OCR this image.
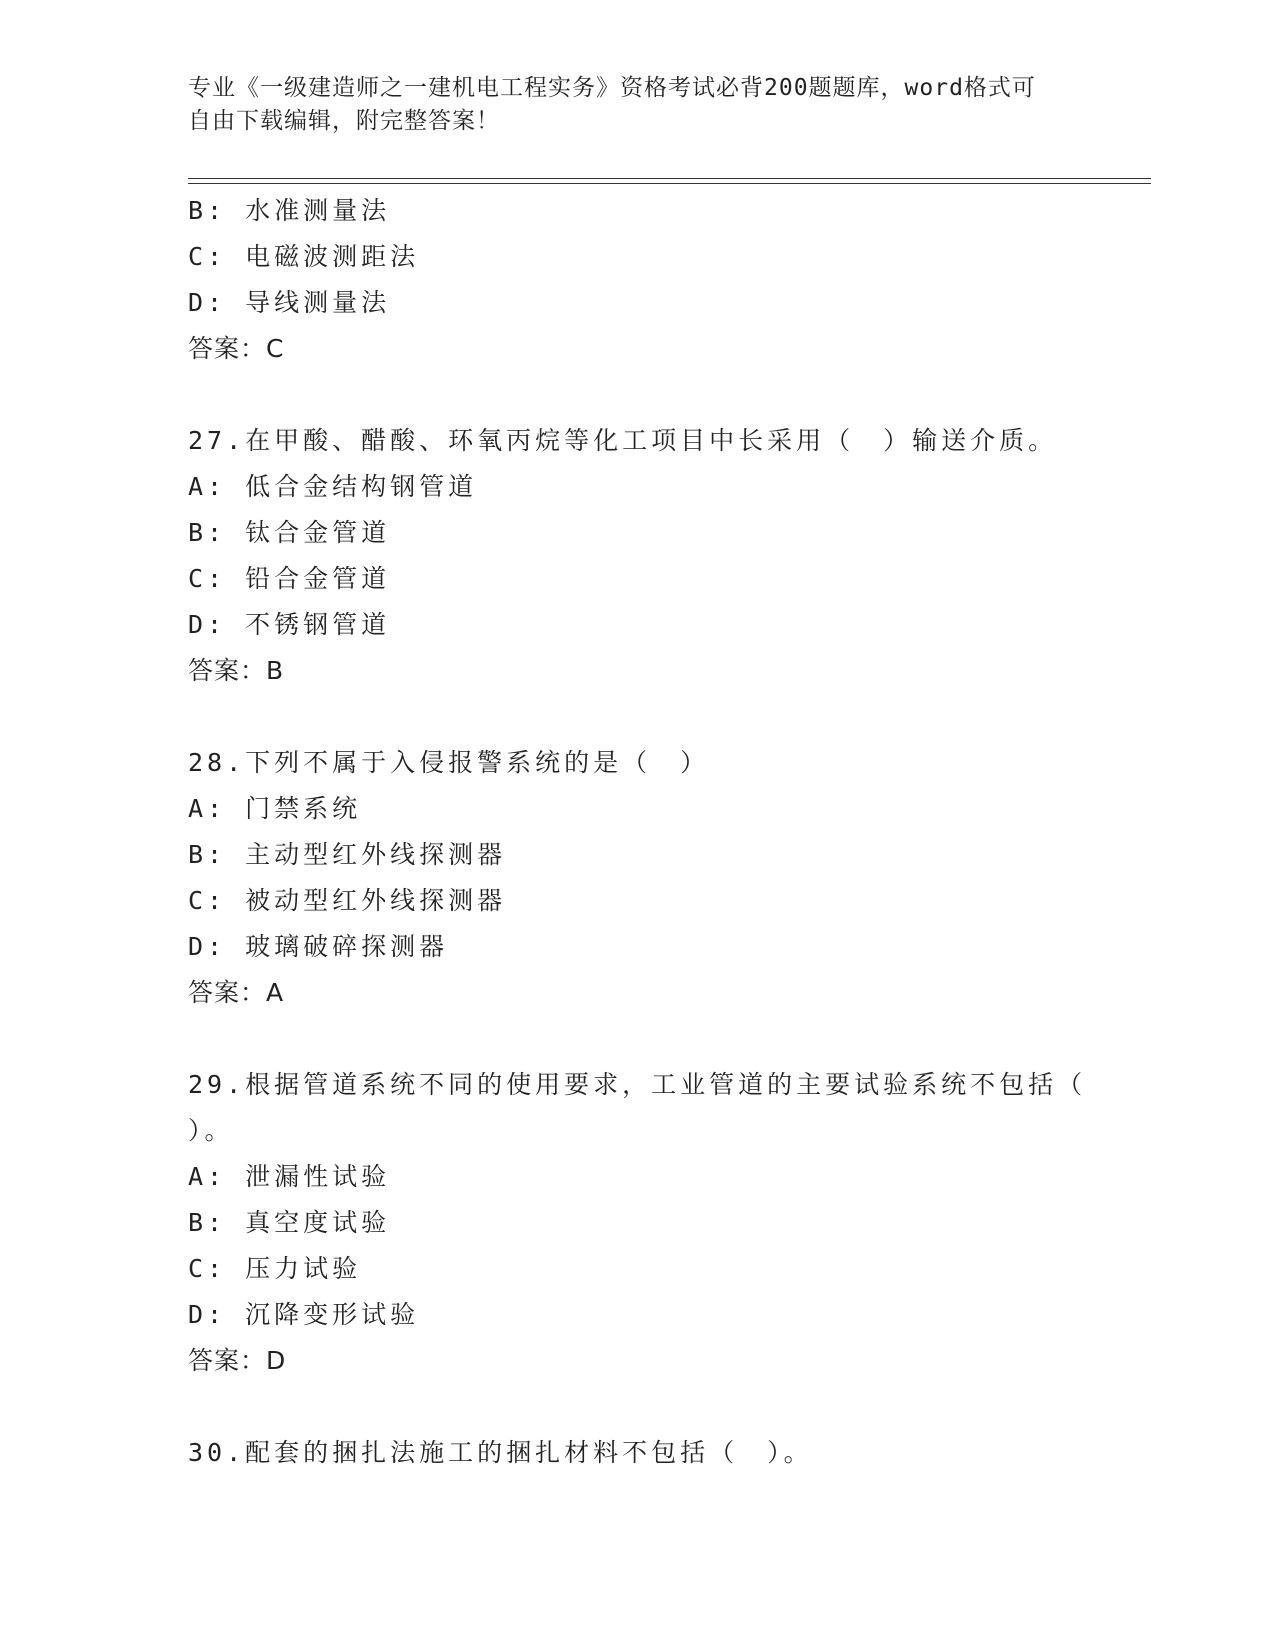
专业《一级建造师之一建机电工程实务》资格考试必背200题题库，word格式可
自由下载编辑，附完整答案！
B: 水准测量法
C: 电磁波测距法
D: 导线测量法
答案：C
27.在甲酸、醋酸、环氧丙烷等化工项目中长采用（　）输送介质。
A: 低合金结构钢管道
B: 钛合金管道
C: 铅合金管道
D: 不锈钢管道
答案：B
28.下列不属于入侵报警系统的是（　）
A: 门禁系统
B: 主动型红外线探测器
C: 被动型红外线探测器
D: 玻璃破碎探测器
答案：A
29.根据管道系统不同的使用要求，工业管道的主要试验系统不包括（
）。
A: 泄漏性试验
B: 真空度试验
C: 压力试验
D: 沉降变形试验
答案：D
30.配套的捆扎法施工的捆扎材料不包括（　）。
